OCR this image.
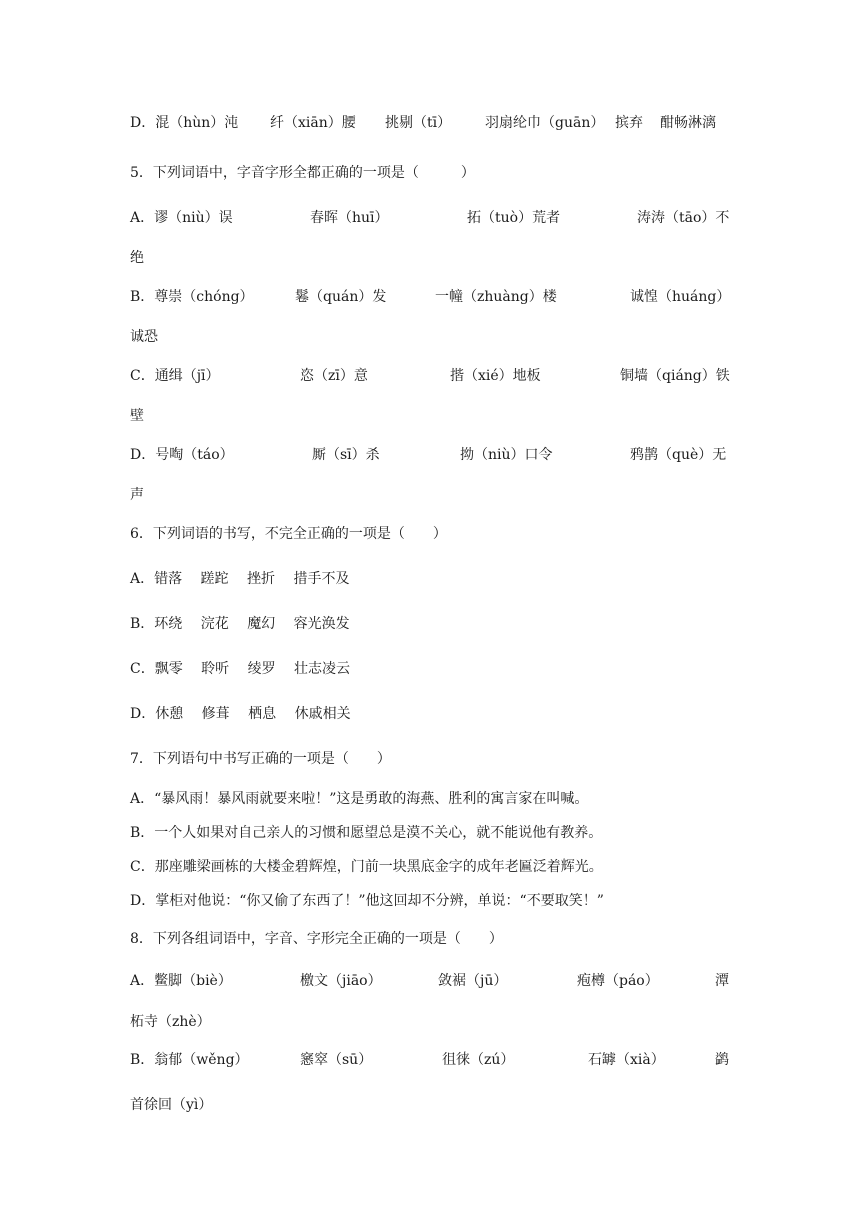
D．混（hùn）沌 纤（xiān）腰 挑剔（tī） 羽扇纶巾（guān） 摈弃 酣畅淋漓
5．下列词语中，字音字形全都正确的一项是（　　　）
A．谬（niù）误	春晖（huī）	拓（tuò）荒者	涛涛（tāo）不
绝
B．尊崇（chóng）	鬈（quán）发	一幢（zhuàng）楼	诚惶（huáng）
诚恐
C．通缉（jī）	恣（zī）意	揩（xié）地板	铜墙（qiáng）铁
壁
D．号啕（táo）	厮（sī）杀	拗（niù）口令	鸦鹊（què）无
声
6．下列词语的书写，不完全正确的一项是（　　）
A．错落　 蹉跎　 挫折　 措手不及
B．环绕　 浣花　 魔幻　 容光涣发
C．飘零　 聆听　 绫罗　 壮志凌云
D．休憩　 修葺　 栖息　 休戚相关
7．下列语句中书写正确的一项是（　　）
A．“暴风雨！暴风雨就要来啦！”这是勇敢的海燕、胜利的寓言家在叫喊。
B．一个人如果对自己亲人的习惯和愿望总是漠不关心，就不能说他有教养。
C．那座雕梁画栋的大楼金碧辉煌，门前一块黑底金字的成年老匾泛着辉光。
D．掌柜对他说：“你又偷了东西了！”他这回却不分辨，单说：“不要取笑！”
8．下列各组词语中，字音、字形完全正确的一项是（　　）
A．鳖脚（biè）	檄文（jiāo）	敛裾（jū）	疱樽（páo）	潭
柘寺（zhè）
B．翁郁（wěng）	窸窣（sū）	徂徕（zú）	石罅（xià）	鹢
首徐回（yì）
